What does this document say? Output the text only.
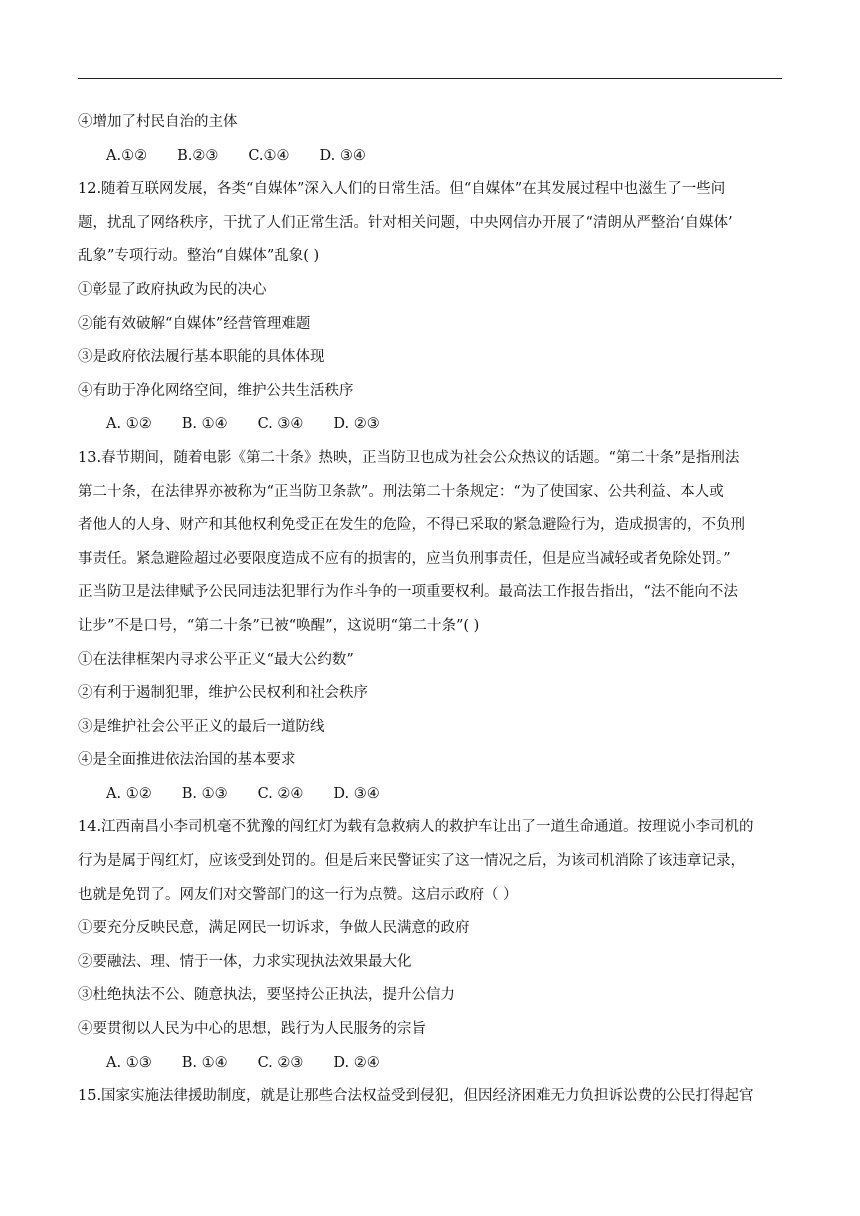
④增加了村民自治的主体
A.①② B.②③ C.①④ D. ③④
12.随着互联网发展，各类“自媒体”深入人们的日常生活。但“自媒体”在其发展过程中也滋生了一些问
题，扰乱了网络秩序，干扰了人们正常生活。针对相关问题，中央网信办开展了“清朗从严整治‘自媒体’
乱象”专项行动。整治“自媒体”乱象( )
①彰显了政府执政为民的决心
②能有效破解“自媒体”经营管理难题
③是政府依法履行基本职能的具体体现
④有助于净化网络空间，维护公共生活秩序
A. ①② B. ①④ C. ③④ D. ②③
13.春节期间，随着电影《第二十条》热映，正当防卫也成为社会公众热议的话题。“第二十条”是指刑法
第二十条，在法律界亦被称为“正当防卫条款”。刑法第二十条规定：“为了使国家、公共利益、本人或
者他人的人身、财产和其他权利免受正在发生的危险，不得已采取的紧急避险行为，造成损害的，不负刑
事责任。紧急避险超过必要限度造成不应有的损害的，应当负刑事责任，但是应当减轻或者免除处罚。”
正当防卫是法律赋予公民同违法犯罪行为作斗争的一项重要权利。最高法工作报告指出，“法不能向不法
让步”不是口号，“第二十条”已被“唤醒”，这说明“第二十条”( )
①在法律框架内寻求公平正义“最大公约数”
②有利于遏制犯罪，维护公民权利和社会秩序
③是维护社会公平正义的最后一道防线
④是全面推进依法治国的基本要求
A. ①② B. ①③ C. ②④ D. ③④
14.江西南昌小李司机毫不犹豫的闯红灯为载有急救病人的救护车让出了一道生命通道。按理说小李司机的
行为是属于闯红灯，应该受到处罚的。但是后来民警证实了这一情况之后，为该司机消除了该违章记录，
也就是免罚了。网友们对交警部门的这一行为点赞。这启示政府（ ）
①要充分反映民意，满足网民一切诉求，争做人民满意的政府
②要融法、理、情于一体，力求实现执法效果最大化
③杜绝执法不公、随意执法，要坚持公正执法，提升公信力
④要贯彻以人民为中心的思想，践行为人民服务的宗旨
A. ①③ B. ①④ C. ②③ D. ②④
15.国家实施法律援助制度，就是让那些合法权益受到侵犯，但因经济困难无力负担诉讼费的公民打得起官
